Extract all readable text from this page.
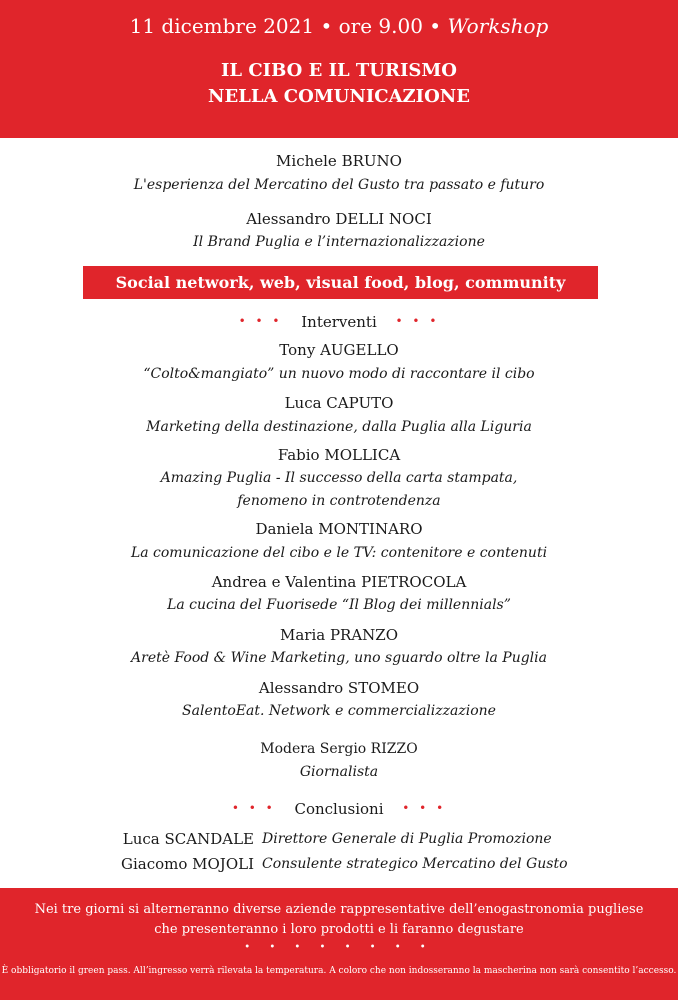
11 dicembre 2021 • ore 9.00 • Workshop
IL CIBO E IL TURISMO
NELLA COMUNICAZIONE
Michele BRUNO
L'esperienza del Mercatino del Gusto tra passato e futuro
Alessandro DELLI NOCI
Il Brand Puglia e l’internazionalizzazione
Social network, web, visual food, blog, community
• • • Interventi • • •
Tony AUGELLO
“Colto&mangiato” un nuovo modo di raccontare il cibo
Luca CAPUTO
Marketing della destinazione, dalla Puglia alla Liguria
Fabio MOLLICA
Amazing Puglia - Il successo della carta stampata,
fenomeno in controtendenza
Daniela MONTINARO
La comunicazione del cibo e le TV: contenitore e contenuti
Andrea e Valentina PIETROCOLA
La cucina del Fuorisede “Il Blog dei millennials”
Maria PRANZO
Aretè Food & Wine Marketing, uno sguardo oltre la Puglia
Alessandro STOMEO
SalentoEat. Network e commercializzazione
Modera Sergio RIZZO
Giornalista
• • • Conclusioni • • •
Luca SCANDALE Direttore Generale di Puglia Promozione
Giacomo MOJOLI Consulente strategico Mercatino del Gusto
Nei tre giorni si alterneranno diverse aziende rappresentative dell’enogastronomia pugliese
che presenteranno i loro prodotti e li faranno degustare
• • • • • • • •
È obbligatorio il green pass. All’ingresso verrà rilevata la temperatura. A coloro che non indosseranno la mascherina non sarà consentito l’accesso.
